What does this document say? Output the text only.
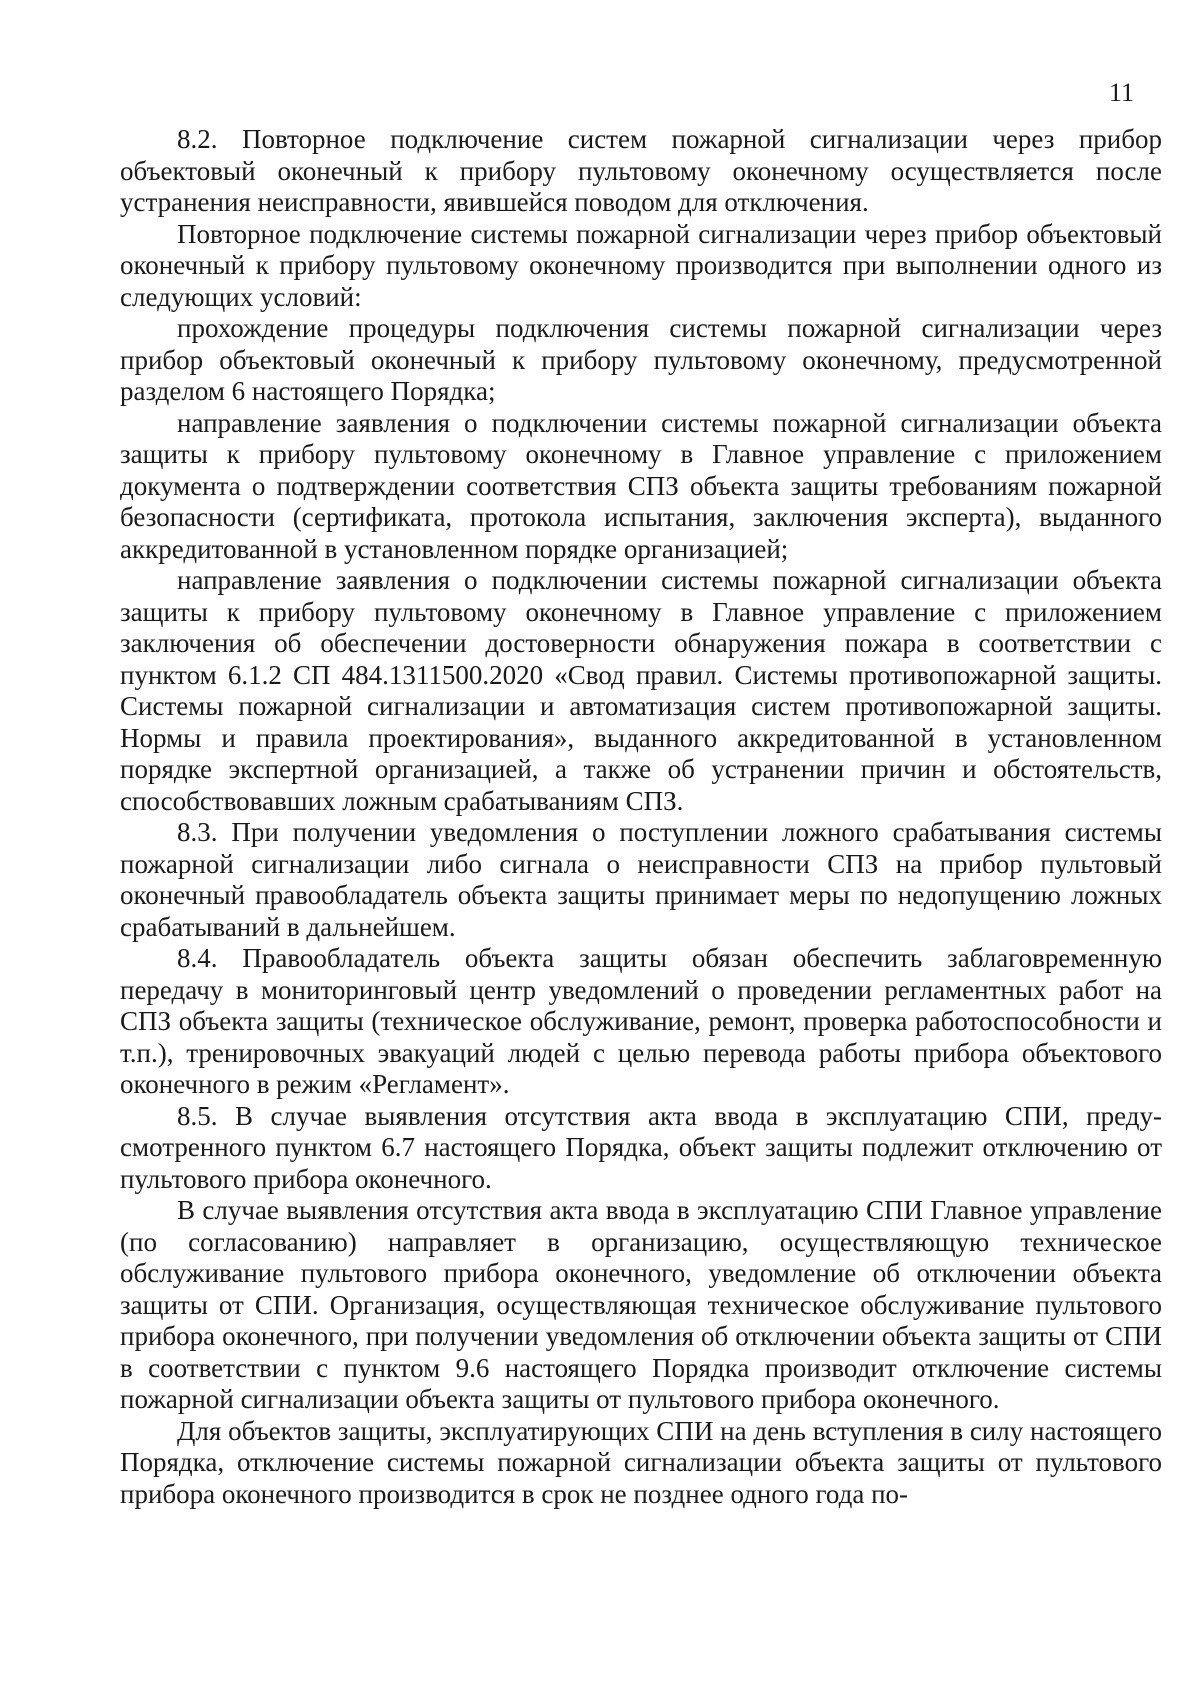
11

8.2. Повторное подключение систем пожарной сигнализации через прибор объектовый оконечный к прибору пультовому оконечному осуществляется после устранения неисправности, явившейся поводом для отключения.

Повторное подключение системы пожарной сигнализации через прибор объектовый оконечный к прибору пультовому оконечному производится при выполнении одного из следующих условий:

прохождение процедуры подключения системы пожарной сигнализации через прибор объектовый оконечный к прибору пультовому оконечному, предусмотренной разделом 6 настоящего Порядка;

направление заявления о подключении системы пожарной сигнализации объекта защиты к прибору пультовому оконечному в Главное управление с приложением документа о подтверждении соответствия СПЗ объекта защиты требованиям пожарной безопасности (сертификата, протокола испытания, заключения эксперта), выданного аккредитованной в установленном порядке организацией;

направление заявления о подключении системы пожарной сигнализации объекта защиты к прибору пультовому оконечному в Главное управление с приложением заключения об обеспечении достоверности обнаружения пожара в соответствии с пунктом 6.1.2 СП 484.1311500.2020 «Свод правил. Системы противопожарной защиты. Системы пожарной сигнализации и автоматизация систем противопожарной защиты. Нормы и правила проектирования», выданного аккредитованной в установленном порядке экспертной организацией, а также об устранении причин и обстоятельств, способствовавших ложным срабатываниям СПЗ.

8.3. При получении уведомления о поступлении ложного срабатывания системы пожарной сигнализации либо сигнала о неисправности СПЗ на прибор пультовый оконечный правообладатель объекта защиты принимает меры по недопущению ложных срабатываний в дальнейшем.

8.4. Правообладатель объекта защиты обязан обеспечить заблаговременную передачу в мониторинговый центр уведомлений о проведении регламентных работ на СПЗ объекта защиты (техническое обслуживание, ремонт, проверка работоспособности и т.п.), тренировочных эвакуаций людей с целью перевода работы прибора объектового оконечного в режим «Регламент».

8.5. В случае выявления отсутствия акта ввода в эксплуатацию СПИ, предусмотренного пунктом 6.7 настоящего Порядка, объект защиты подлежит отключению от пультового прибора оконечного.

В случае выявления отсутствия акта ввода в эксплуатацию СПИ Главное управление (по согласованию) направляет в организацию, осуществляющую техническое обслуживание пультового прибора оконечного, уведомление об отключении объекта защиты от СПИ. Организация, осуществляющая техническое обслуживание пультового прибора оконечного, при получении уведомления об отключении объекта защиты от СПИ в соответствии с пунктом 9.6 настоящего Порядка производит отключение системы пожарной сигнализации объекта защиты от пультового прибора оконечного.

Для объектов защиты, эксплуатирующих СПИ на день вступления в силу настоящего Порядка, отключение системы пожарной сигнализации объекта защиты от пультового прибора оконечного производится в срок не позднее одного года по-
